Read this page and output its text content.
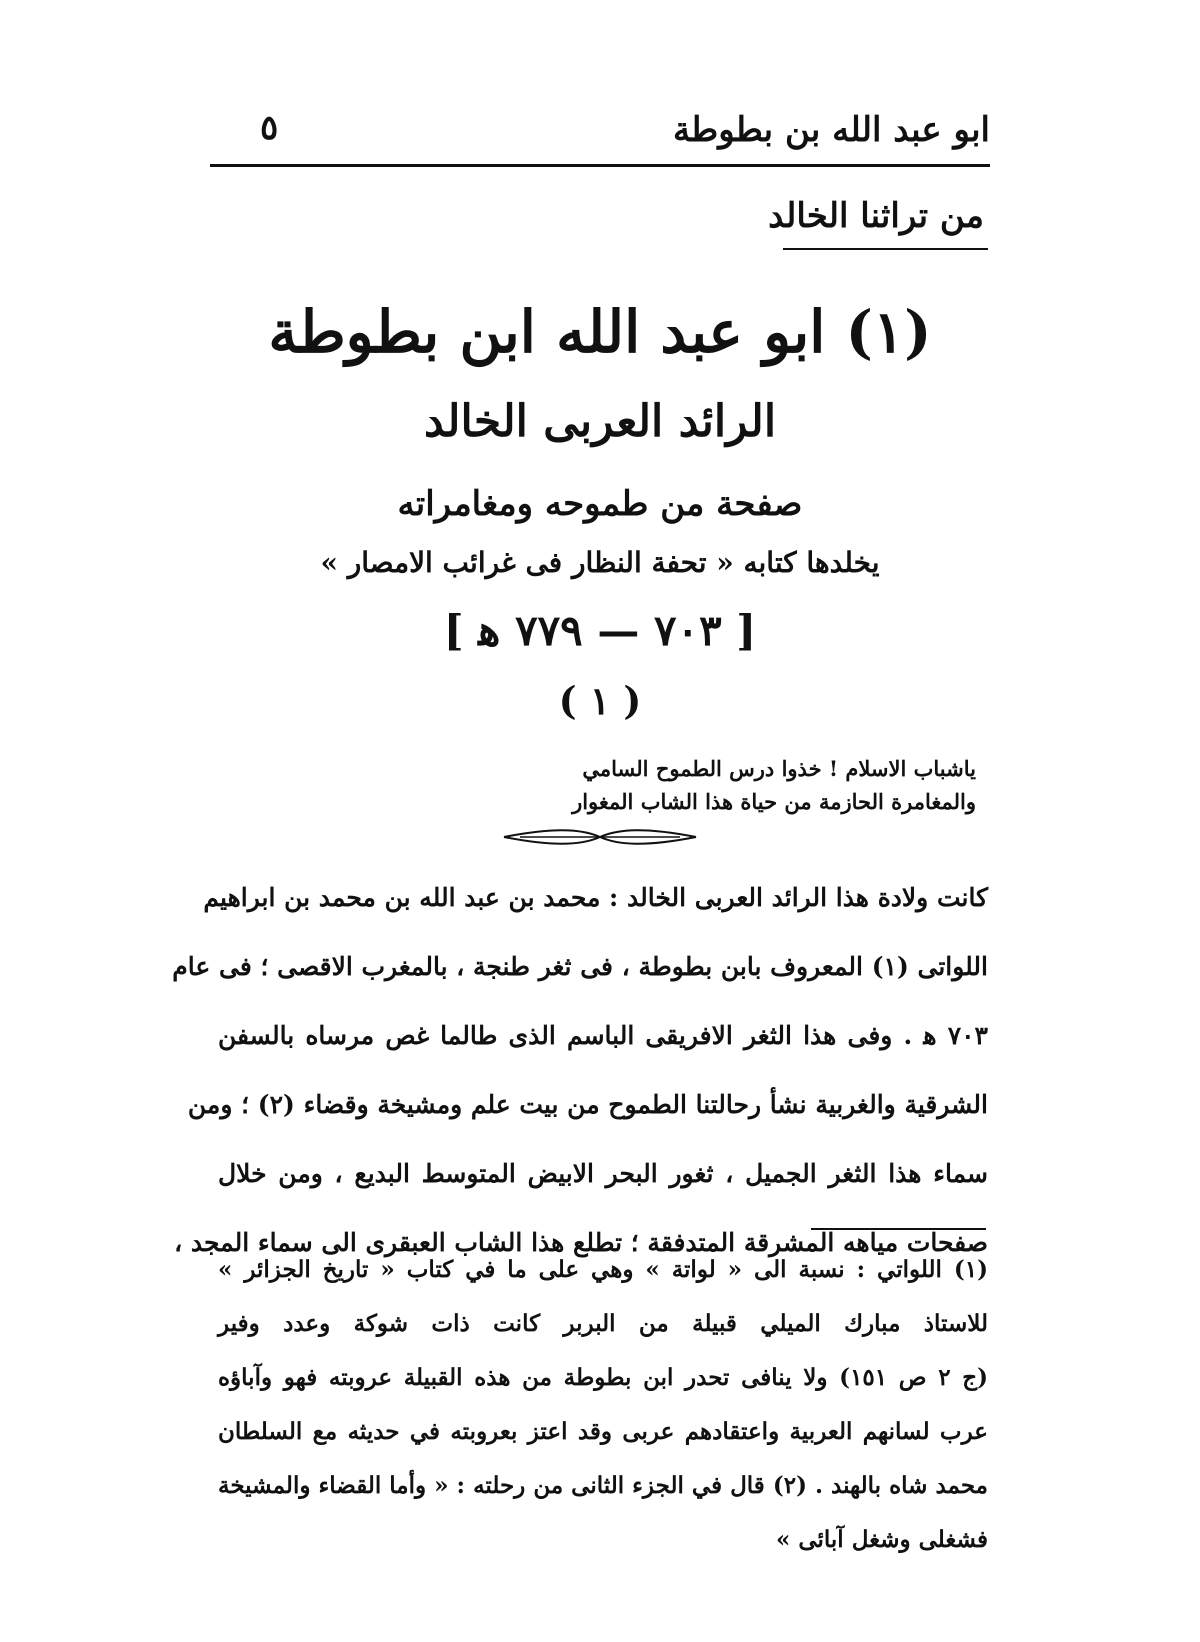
ابو عبد الله بن بطوطة
٥
من تراثنا الخالد
(١) ابو عبد الله ابن بطوطة
الرائد العربى الخالد
صفحة من طموحه ومغامراته
يخلدها كتابه « تحفة النظار فى غرائب الامصار »
[ ٧٠٣ — ٧٧٩ ﻫ ]
( ١ )
ياشباب الاسلام ! خذوا درس الطموح السامي
والمغامرة الحازمة من حياة هذا الشاب المغوار
كانت ولادة هذا الرائد العربى الخالد : محمد بن عبد الله بن محمد بن ابراهيم
اللواتى (١) المعروف بابن بطوطة ، فى ثغر طنجة ، بالمغرب الاقصى ؛ فى عام
٧٠٣ ﻫ . وفى هذا الثغر الافريقى الباسم الذى طالما غص مرساه بالسفن
الشرقية والغربية نشأ رحالتنا الطموح من بيت علم ومشيخة وقضاء (٢) ؛ ومن
سماء هذا الثغر الجميل ، ثغور البحر الابيض المتوسط البديع ، ومن خلال
صفحات مياهه المشرقة المتدفقة ؛ تطلع هذا الشاب العبقرى الى سماء المجد ،
(١) اللواتي : نسبة الى « لواتة » وهي على ما في كتاب « تاريخ الجزائر »
للاستاذ مبارك الميلي قبيلة من البربر كانت ذات شوكة وعدد وفير
(ج ٢ ص ١٥١) ولا ينافى تحدر ابن بطوطة من هذه القبيلة عروبته فهو وآباؤه
عرب لسانهم العربية واعتقادهم عربى وقد اعتز بعروبته في حديثه مع السلطان
محمد شاه بالهند . (٢) قال في الجزء الثانى من رحلته : « وأما القضاء والمشيخة
فشغلى وشغل آبائى »
